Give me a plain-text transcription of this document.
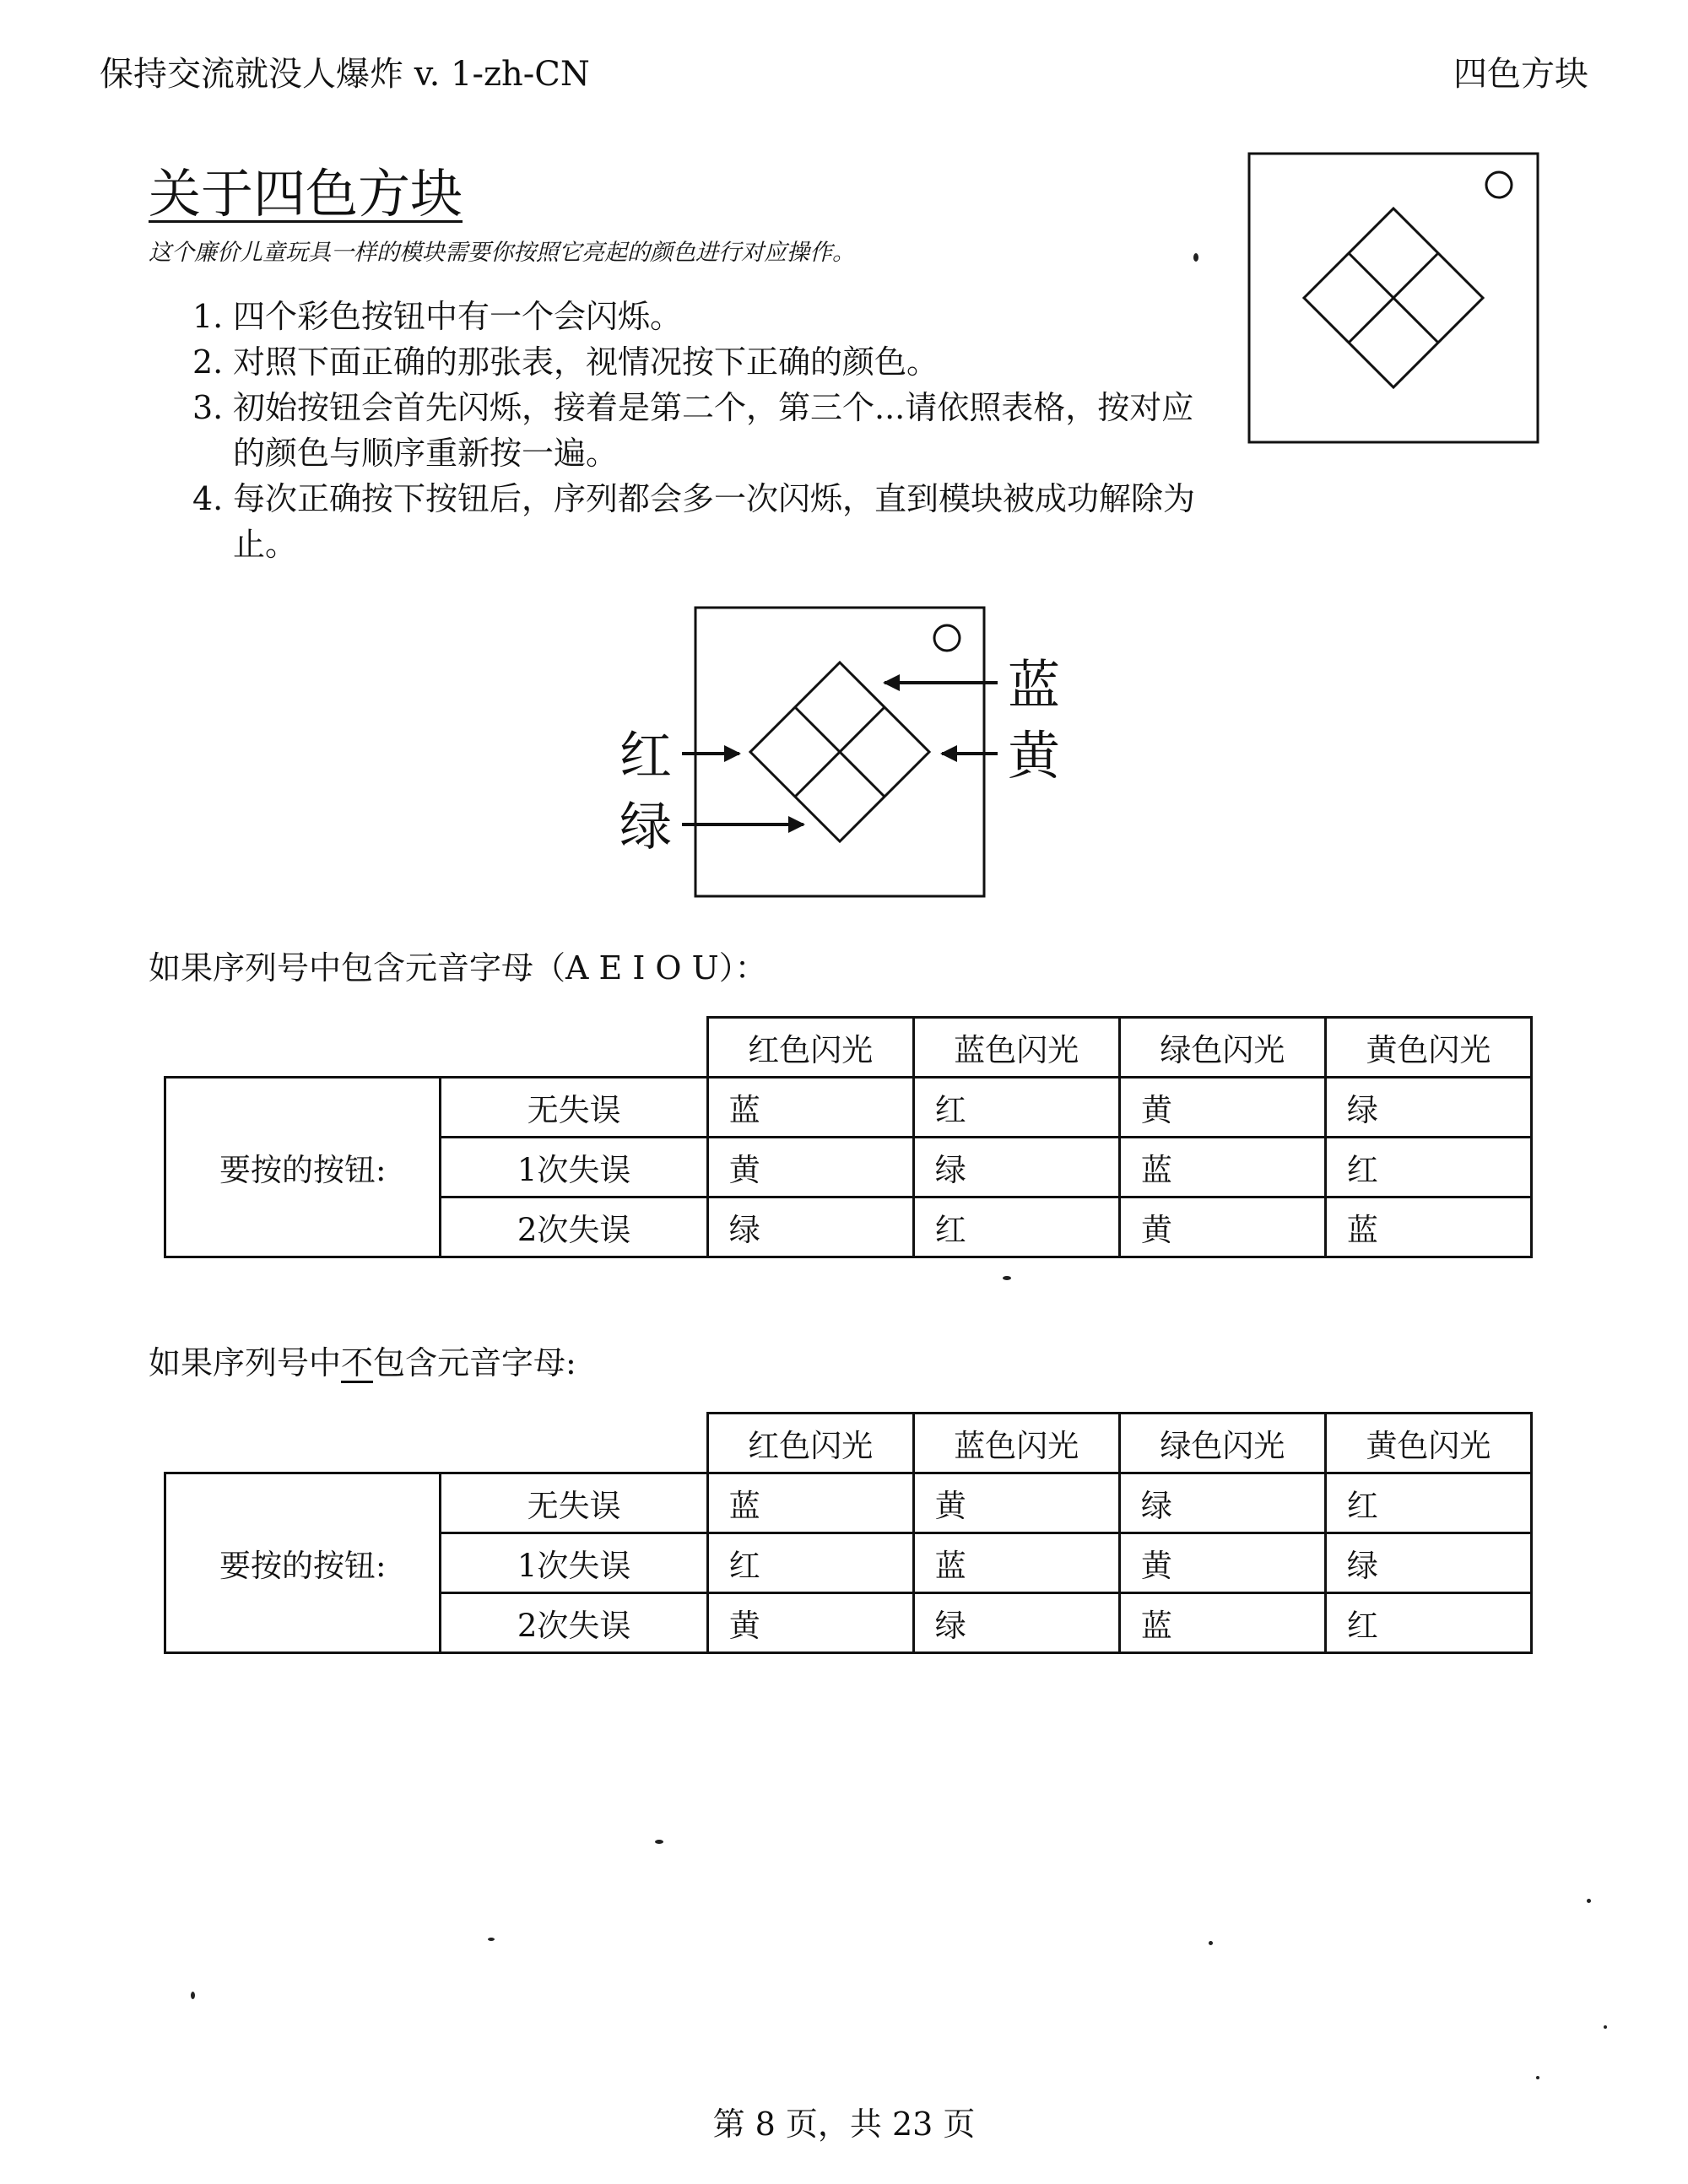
保持交流就没人爆炸 v. 1-zh-CN	四色方块
关于四色方块
这个廉价儿童玩具一样的模块需要你按照它亮起的颜色进行对应操作。
1. 四个彩色按钮中有一个会闪烁。
2. 对照下面正确的那张表，视情况按下正确的颜色。
3. 初始按钮会首先闪烁，接着是第二个，第三个...请依照表格，按对应的颜色与顺序重新按一遍。
4. 每次正确按下按钮后，序列都会多一次闪烁，直到模块被成功解除为止。
蓝
黄
红
绿
如果序列号中包含元音字母（A E I O U）：
		红色闪光	蓝色闪光	绿色闪光	黄色闪光
要按的按钮:	无失误	蓝	红	黄	绿
	1次失误	黄	绿	蓝	红
	2次失误	绿	红	黄	蓝
如果序列号中不包含元音字母:
		红色闪光	蓝色闪光	绿色闪光	黄色闪光
要按的按钮:	无失误	蓝	黄	绿	红
	1次失误	红	蓝	黄	绿
	2次失误	黄	绿	蓝	红
第 8 页，共 23 页
